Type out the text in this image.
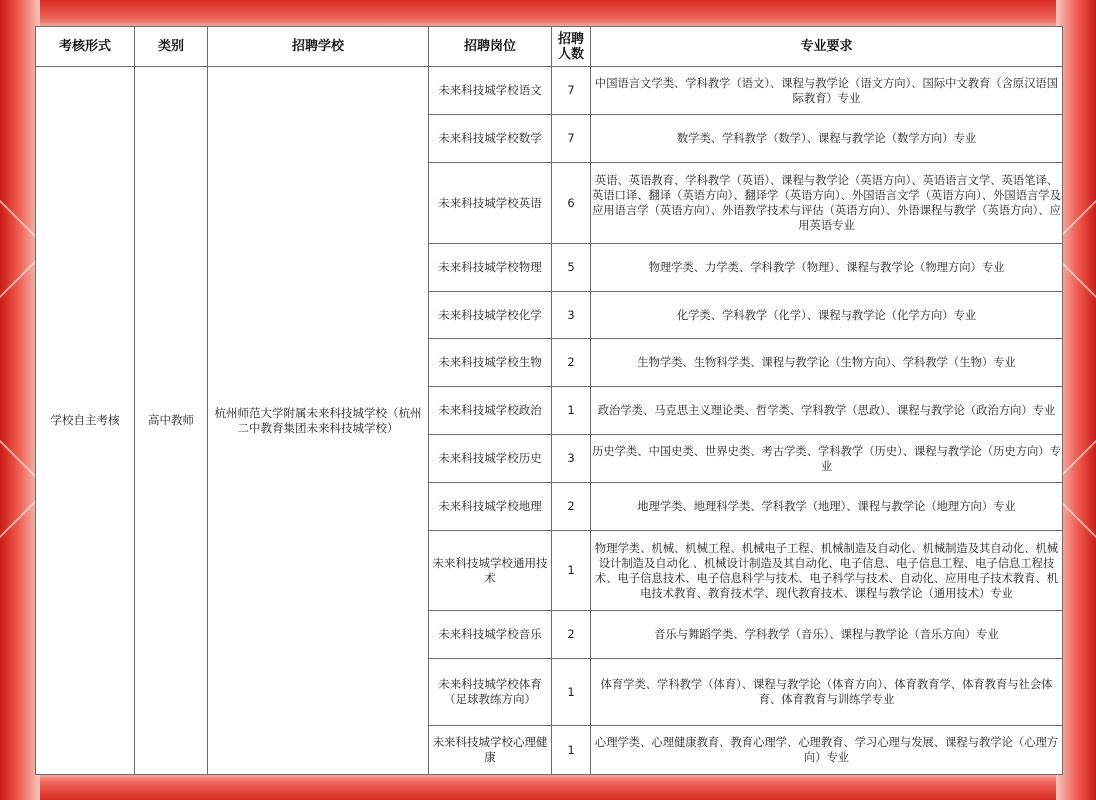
考核形式	类别	招聘学校	招聘岗位	招聘人数	专业要求
学校自主考核	高中教师	杭州师范大学附属未来科技城学校（杭州二中教育集团未来科技城学校）	未来科技城学校语文	7	中国语言文学类、学科教学（语文）、课程与教学论（语文方向）、国际中文教育（含原汉语国际教育）专业
			未来科技城学校数学	7	数学类、学科教学（数学）、课程与教学论（数学方向）专业
			未来科技城学校英语	6	英语、英语教育、学科教学（英语）、课程与教学论（英语方向）、英语语言文学、英语笔译、英语口译、翻译（英语方向）、翻译学（英语方向）、外国语言文学（英语方向）、外国语言学及应用语言学（英语方向）、外语教学技术与评估（英语方向）、外语课程与教学（英语方向）、应用英语专业
			未来科技城学校物理	5	物理学类、力学类、学科教学（物理）、课程与教学论（物理方向）专业
			未来科技城学校化学	3	化学类、学科教学（化学）、课程与教学论（化学方向）专业
			未来科技城学校生物	2	生物学类、生物科学类、课程与教学论（生物方向）、学科教学（生物）专业
			未来科技城学校政治	1	政治学类、马克思主义理论类、哲学类、学科教学（思政）、课程与教学论（政治方向）专业
			未来科技城学校历史	3	历史学类、中国史类、世界史类、考古学类、学科教学（历史）、课程与教学论（历史方向）专业
			未来科技城学校地理	2	地理学类、地理科学类、学科教学（地理）、课程与教学论（地理方向）专业
			未来科技城学校通用技术	1	物理学类、机械、机械工程、机械电子工程、机械制造及自动化、机械制造及其自动化、机械设计制造及自动化 、机械设计制造及其自动化、电子信息、电子信息工程、电子信息工程技术、电子信息技术、电子信息科学与技术、电子科学与技术、自动化、应用电子技术教育、机电技术教育、教育技术学、现代教育技术、课程与教学论（通用技术）专业
			未来科技城学校音乐	2	音乐与舞蹈学类、学科教学（音乐）、课程与教学论（音乐方向）专业
			未来科技城学校体育（足球教练方向）	1	体育学类、学科教学（体育）、课程与教学论（体育方向）、体育教育学、体育教育与社会体育、体育教育与训练学专业
			未来科技城学校心理健康	1	心理学类、心理健康教育、教育心理学、心理教育、学习心理与发展、课程与教学论（心理方向）专业
